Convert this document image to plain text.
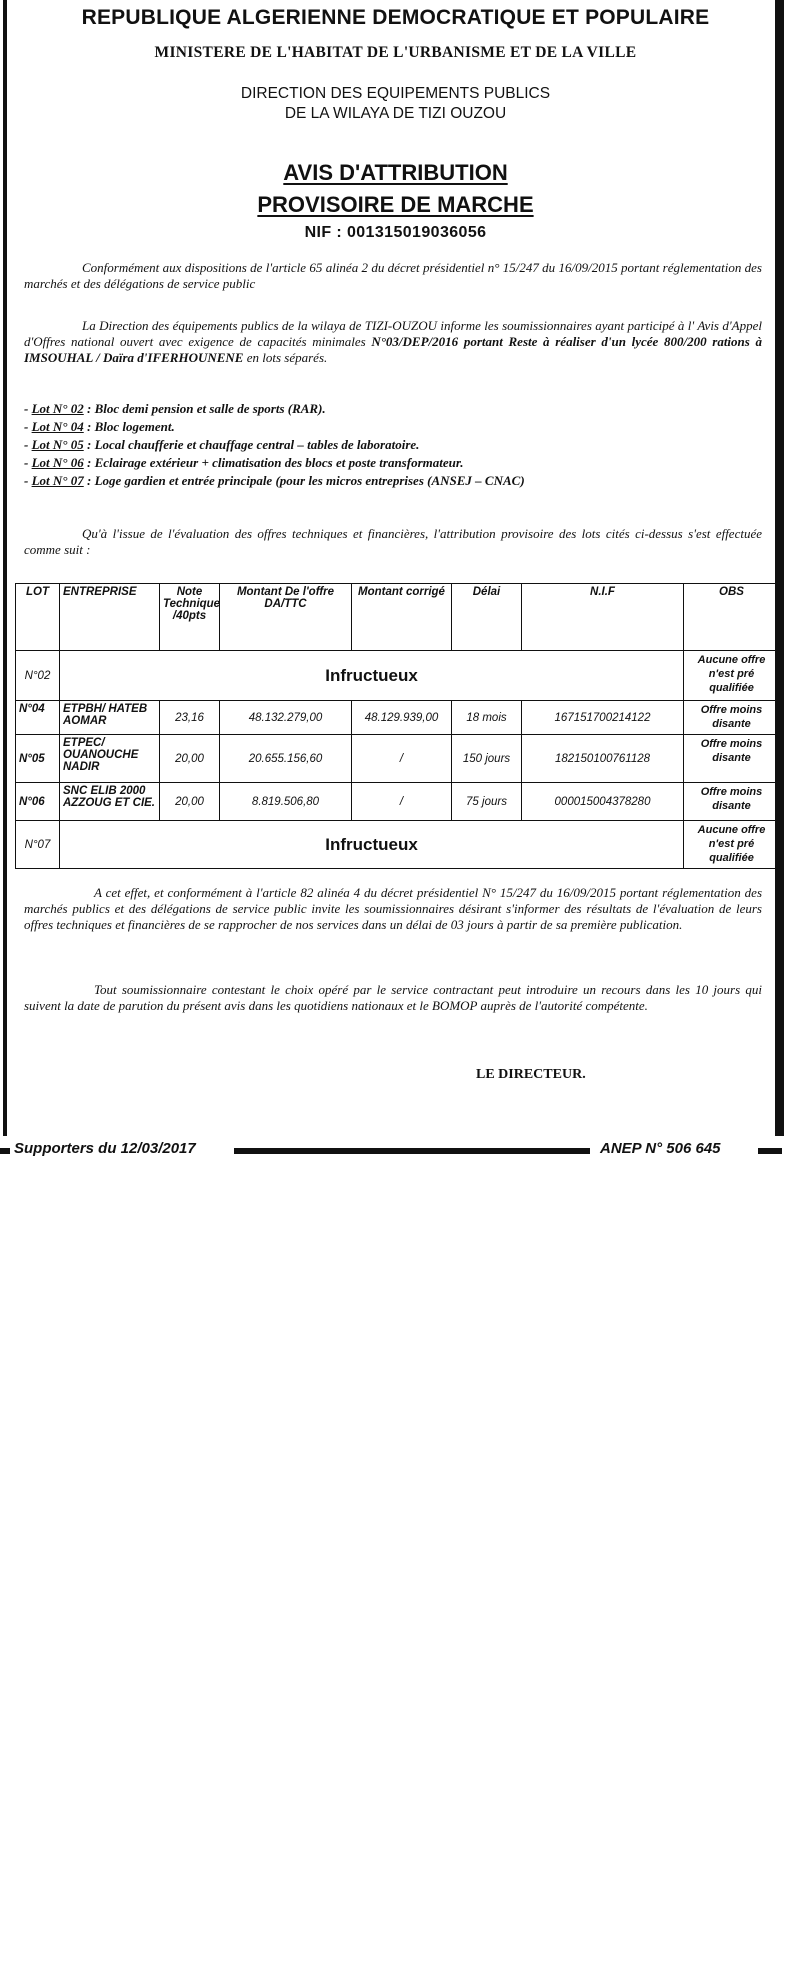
REPUBLIQUE ALGERIENNE DEMOCRATIQUE ET POPULAIRE
MINISTERE DE L'HABITAT DE L'URBANISME ET DE LA VILLE
DIRECTION DES EQUIPEMENTS PUBLICS
DE LA WILAYA DE TIZI OUZOU
AVIS D'ATTRIBUTION
PROVISOIRE DE MARCHE
NIF : 001315019036056
Conformément aux dispositions de l'article 65 alinéa 2 du décret présidentiel n° 15/247 du 16/09/2015 portant réglementation des marchés et des délégations de service public
La Direction des équipements publics de la wilaya de TIZI-OUZOU informe les soumissionnaires ayant participé à l' Avis d'Appel d'Offres national ouvert avec exigence de capacités minimales N°03/DEP/2016 portant Reste à réaliser d'un lycée 800/200 rations à IMSOUHAL / Daïra d'IFERHOUNENE en lots séparés.
- Lot N° 02 : Bloc demi pension et salle de sports (RAR).
- Lot N° 04 : Bloc logement.
- Lot N° 05 : Local chaufferie et chauffage central – tables de laboratoire.
- Lot N° 06 : Eclairage extérieur + climatisation des blocs et poste transformateur.
- Lot N° 07 : Loge gardien et entrée principale (pour les micros entreprises (ANSEJ – CNAC)
Qu'à l'issue de l'évaluation des offres techniques et financières, l'attribution provisoire des lots cités ci-dessus s'est effectuée comme suit :
LOT	ENTREPRISE	Note Technique /40pts	Montant De l'offre DA/TTC	Montant corrigé	Délai	N.I.F	OBS
N°02	Infructueux						Aucune offre n'est pré qualifiée
N°04	ETPBH/ HATEB AOMAR	23,16	48.132.279,00	48.129.939,00	18 mois	167151700214122	Offre moins disante
N°05	ETPEC/ OUANOUCHE NADIR	20,00	20.655.156,60	/	150 jours	182150100761128	Offre moins disante
N°06	SNC ELIB 2000 AZZOUG ET CIE.	20,00	8.819.506,80	/	75 jours	000015004378280	Offre moins disante
N°07	Infructueux						Aucune offre n'est pré qualifiée
A cet effet, et conformément à l'article 82 alinéa 4 du décret présidentiel N° 15/247 du 16/09/2015 portant réglementation des marchés publics et des délégations de service public invite les soumissionnaires désirant s'informer des résultats de l'évaluation de leurs offres techniques et financières de se rapprocher de nos services dans un délai de 03 jours à partir de sa première publication.
Tout soumissionnaire contestant le choix opéré par le service contractant peut introduire un recours dans les 10 jours qui suivent la date de parution du présent avis dans les quotidiens nationaux et le BOMOP auprès de l'autorité compétente.
LE DIRECTEUR.
Supporters du 12/03/2017	ANEP N° 506 645
